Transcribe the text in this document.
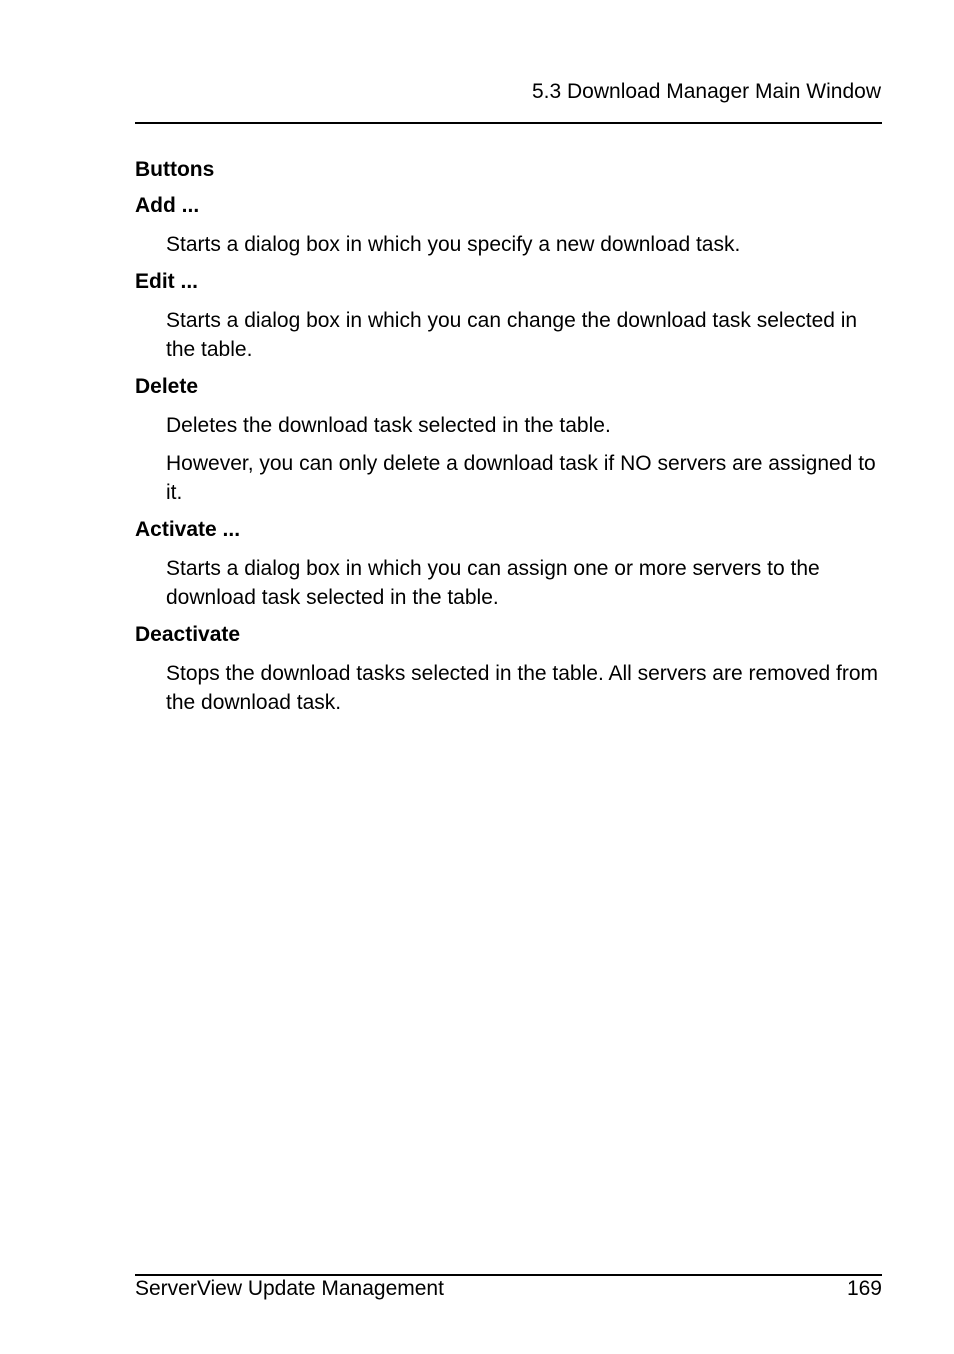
5.3 Download Manager Main Window
Buttons
Add ...
Starts a dialog box in which you specify a new download task.
Edit ...
Starts a dialog box in which you can change the download task selected in the table.
Delete
Deletes the download task selected in the table.
However, you can only delete a download task if NO servers are assigned to it.
Activate ...
Starts a dialog box in which you can assign one or more servers to the download task selected in the table.
Deactivate
Stops the download tasks selected in the table. All servers are removed from the download task.
ServerView Update Management	169
